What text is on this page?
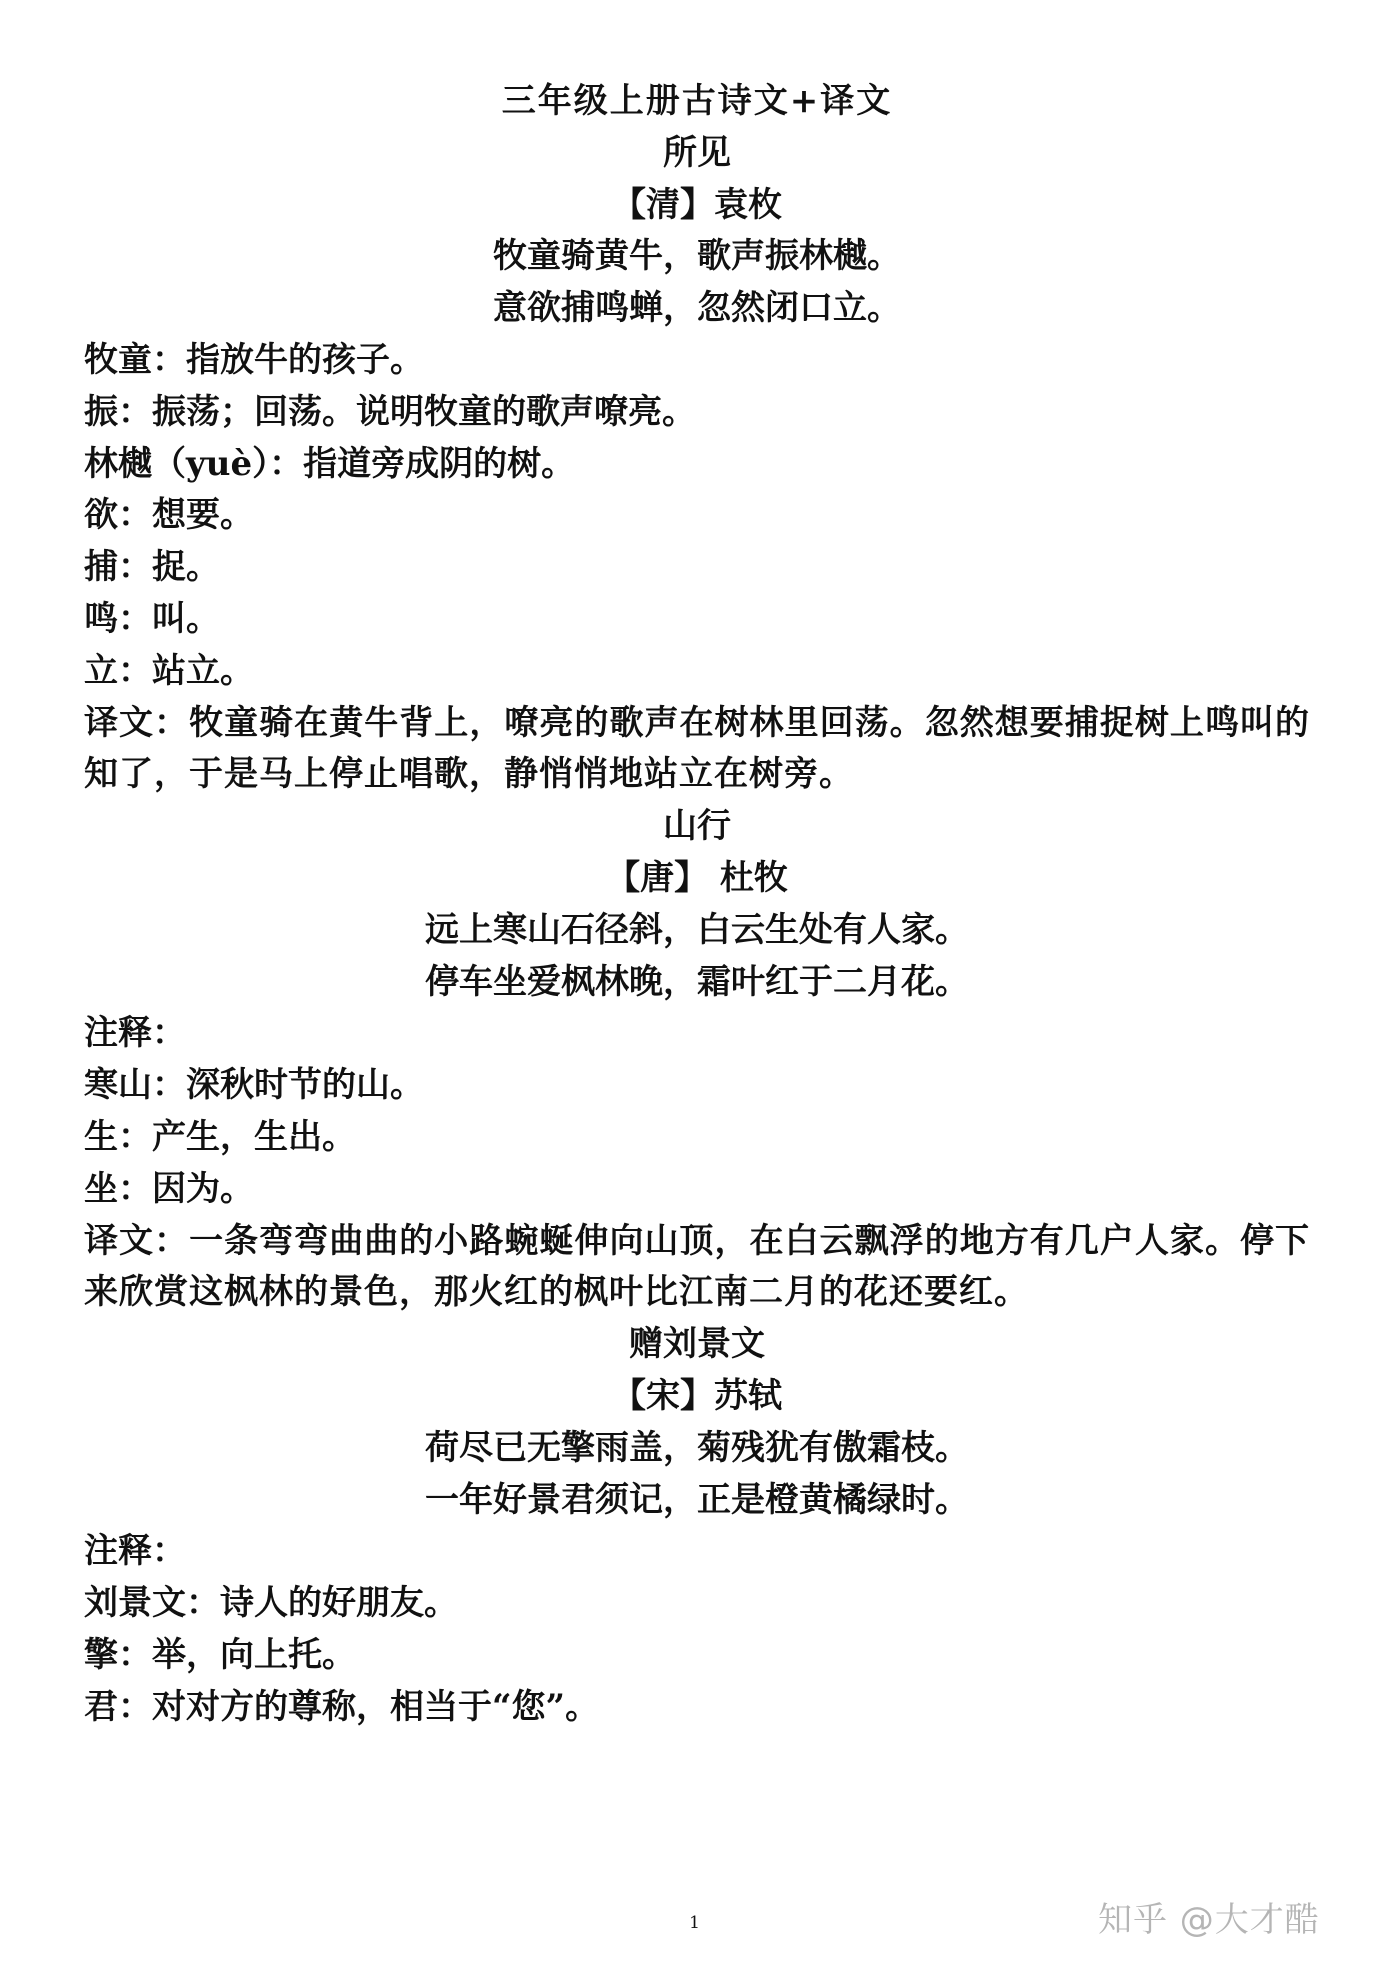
三年级上册古诗文+译文
所见
【清】袁枚
牧童骑黄牛，歌声振林樾。
意欲捕鸣蝉，忽然闭口立。
牧童：指放牛的孩子。
振：振荡；回荡。说明牧童的歌声嘹亮。
林樾（yuè）：指道旁成阴的树。
欲：想要。
捕：捉。
鸣：叫。
立：站立。
译文：牧童骑在黄牛背上，嘹亮的歌声在树林里回荡。忽然想要捕捉树上鸣叫的知了，于是马上停止唱歌，静悄悄地站立在树旁。
山行
【唐】 杜牧
远上寒山石径斜，白云生处有人家。
停车坐爱枫林晚，霜叶红于二月花。
注释：
寒山：深秋时节的山。
生：产生，生出。
坐：因为。
译文：一条弯弯曲曲的小路蜿蜒伸向山顶，在白云飘浮的地方有几户人家。停下来欣赏这枫林的景色，那火红的枫叶比江南二月的花还要红。
赠刘景文
【宋】苏轼
荷尽已无擎雨盖，菊残犹有傲霜枝。
一年好景君须记，正是橙黄橘绿时。
注释：
刘景文：诗人的好朋友。
擎：举，向上托。
君：对对方的尊称，相当于“您”。
1	知乎 @大才酷
